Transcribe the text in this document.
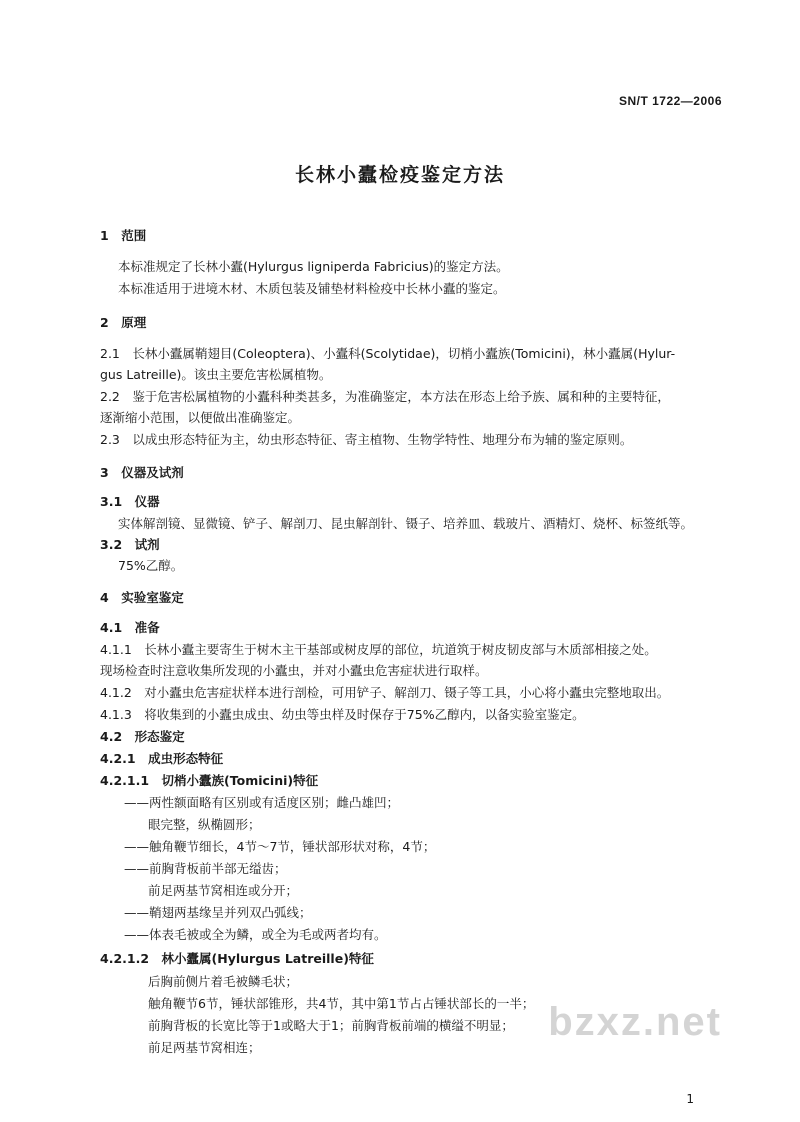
SN/T 1722—2006
长林小蠹检疫鉴定方法
1　范围
本标准规定了长林小蠹(Hylurgus ligniperda Fabricius)的鉴定方法。
本标准适用于进境木材、木质包装及铺垫材料检疫中长林小蠹的鉴定。
2　原理
2.1　长林小蠹属鞘翅目(Coleoptera)、小蠹科(Scolytidae)，切梢小蠹族(Tomicini)，林小蠹属(Hylur-
gus Latreille)。该虫主要危害松属植物。
2.2　鉴于危害松属植物的小蠹科种类甚多，为准确鉴定，本方法在形态上给予族、属和种的主要特征，
逐渐缩小范围，以便做出准确鉴定。
2.3　以成虫形态特征为主，幼虫形态特征、寄主植物、生物学特性、地理分布为辅的鉴定原则。
3　仪器及试剂
3.1　仪器
实体解剖镜、显微镜、铲子、解剖刀、昆虫解剖针、镊子、培养皿、载玻片、酒精灯、烧杯、标签纸等。
3.2　试剂
75%乙醇。
4　实验室鉴定
4.1　准备
4.1.1　长林小蠹主要寄生于树木主干基部或树皮厚的部位，坑道筑于树皮韧皮部与木质部相接之处。
现场检查时注意收集所发现的小蠹虫，并对小蠹虫危害症状进行取样。
4.1.2　对小蠹虫危害症状样本进行剖检，可用铲子、解剖刀、镊子等工具，小心将小蠹虫完整地取出。
4.1.3　将收集到的小蠹虫成虫、幼虫等虫样及时保存于75%乙醇内，以备实验室鉴定。
4.2　形态鉴定
4.2.1　成虫形态特征
4.2.1.1　切梢小蠹族(Tomicini)特征
——两性额面略有区别或有适度区别；雌凸雄凹；
眼完整，纵椭圆形；
——触角鞭节细长，4节～7节，锤状部形状对称，4节；
——前胸背板前半部无缢齿；
前足两基节窝相连或分开；
——鞘翅两基缘呈并列双凸弧线；
——体表毛被或全为鳞，或全为毛或两者均有。
4.2.1.2　林小蠹属(Hylurgus Latreille)特征
后胸前侧片着毛被鳞毛状；
触角鞭节6节，锤状部锥形，共4节，其中第1节占占锤状部长的一半；
前胸背板的长宽比等于1或略大于1；前胸背板前端的横缢不明显；
前足两基节窝相连；
bzxz.net
1
